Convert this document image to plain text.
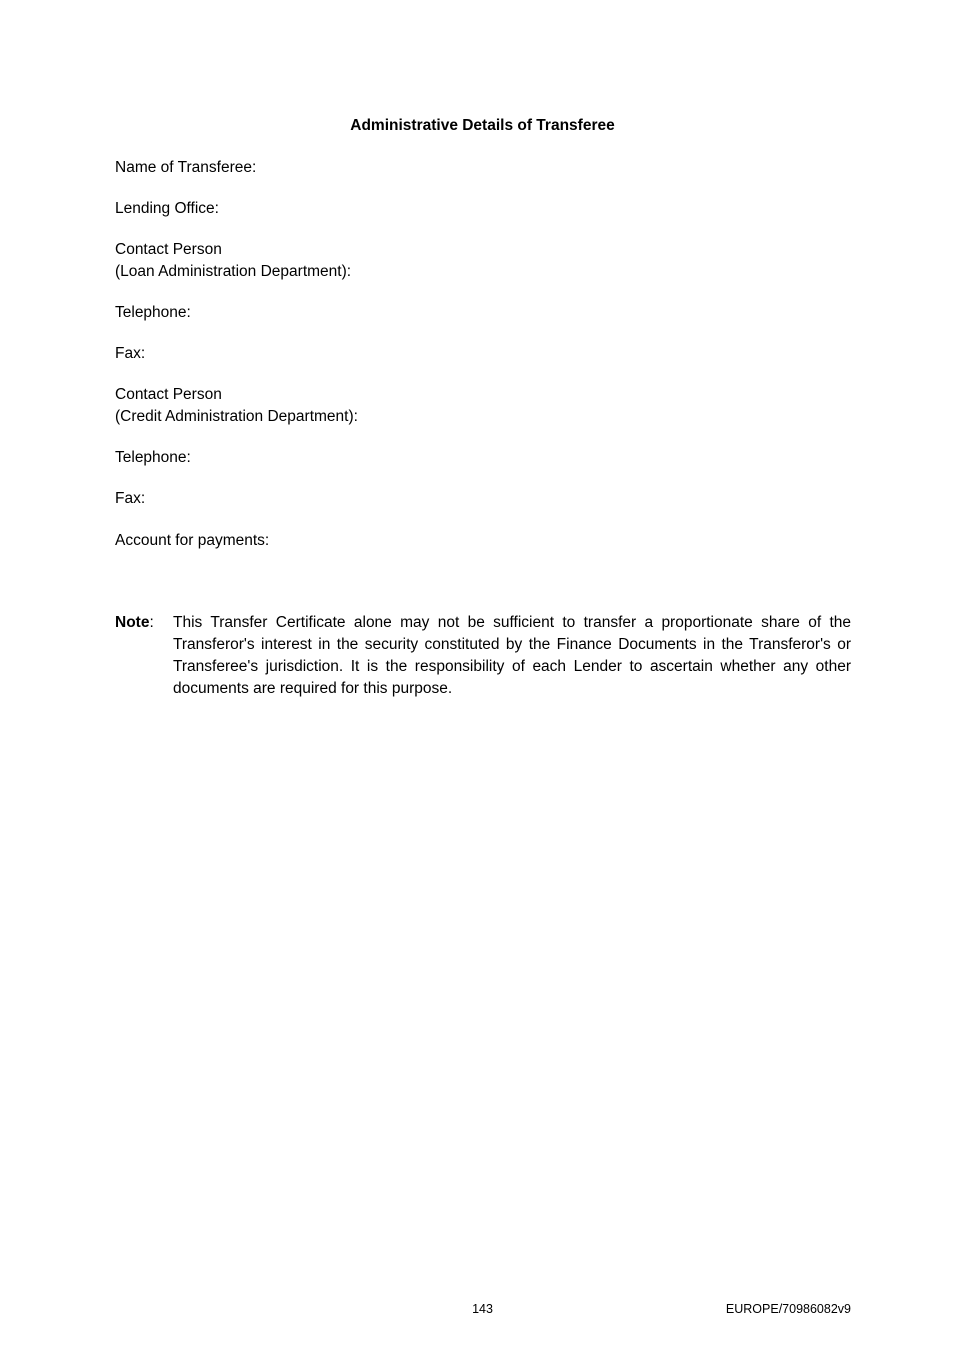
Administrative Details of Transferee
Name of Transferee:
Lending Office:
Contact Person
(Loan Administration Department):
Telephone:
Fax:
Contact Person
(Credit Administration Department):
Telephone:
Fax:
Account for payments:
Note: This Transfer Certificate alone may not be sufficient to transfer a proportionate share of the Transferor's interest in the security constituted by the Finance Documents in the Transferor's or Transferee's jurisdiction. It is the responsibility of each Lender to ascertain whether any other documents are required for this purpose.
143	EUROPE/70986082v9
